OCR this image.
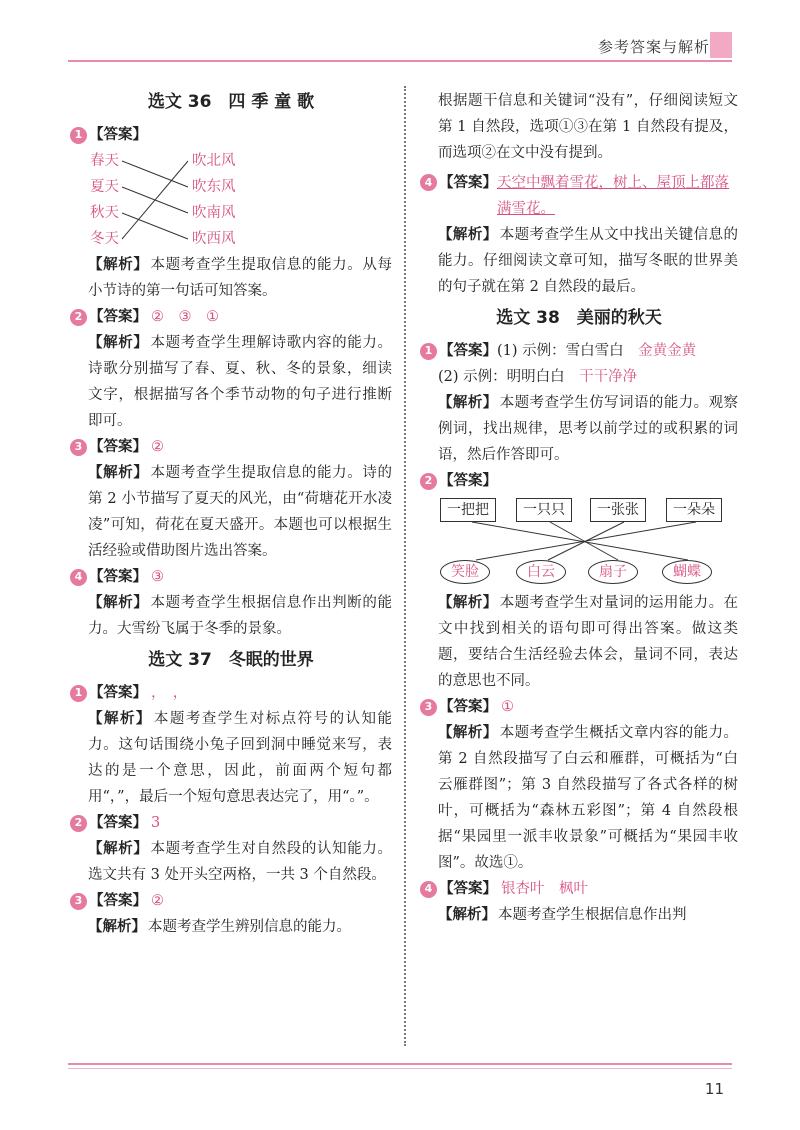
参考答案与解析
选文 36　四 季 童 歌
1 【答案】
春天
夏天
秋天
冬天
吹北风
吹东风
吹南风
吹西风

【解析】 本题考查学生提取信息的能力。从每小节诗的第一句话可知答案。

2 【答案】 ②　③　①

【解析】 本题考查学生理解诗歌内容的能力。诗歌分别描写了春、夏、秋、冬的景象，细读文字，根据描写各个季节动物的句子进行推断即可。

3 【答案】 ②

【解析】 本题考查学生提取信息的能力。诗的第 2 小节描写了夏天的风光，由“荷塘花开水凌凌”可知，荷花在夏天盛开。本题也可以根据生活经验或借助图片选出答案。

4 【答案】 ③

【解析】 本题考查学生根据信息作出判断的能力。大雪纷飞属于冬季的景象。

选文 37　冬眠的世界
1 【答案】 ，　，

【解析】 本题考查学生对标点符号的认知能力。这句话围绕小兔子回到洞中睡觉来写，表达的是一个意思，因此，前面两个短句都用“，”，最后一个短句意思表达完了，用“。”。

2 【答案】 3

【解析】 本题考查学生对自然段的认知能力。选文共有 3 处开头空两格，一共 3 个自然段。

3 【答案】 ②

【解析】 本题考查学生辨别信息的能力。

根据题干信息和关键词“没有”，仔细阅读短文第 1 自然段，选项①③在第 1 自然段有提及，而选项②在文中没有提到。

4 【答案】 天空中飘着雪花，树上、屋顶上都落满雪花。

【解析】 本题考查学生从文中找出关键信息的能力。仔细阅读文章可知，描写冬眠的世界美的句子就在第 2 自然段的最后。

选文 38　美丽的秋天
1 【答案】 (1) 示例：雪白雪白　 金黄金黄
(2) 示例：明明白白　干干净净

【解析】 本题考查学生仿写词语的能力。观察例词，找出规律，思考以前学过的或积累的词语，然后作答即可。

2 【答案】
一把把	一只只	一张张	一朵朵
笑脸	白云	扇子	蝴蝶

【解析】 本题考查学生对量词的运用能力。在文中找到相关的语句即可得出答案。做这类题，要结合生活经验去体会，量词不同，表达的意思也不同。

3 【答案】 ①

【解析】 本题考查学生概括文章内容的能力。第 2 自然段描写了白云和雁群，可概括为“白云雁群图”；第 3 自然段描写了各式各样的树叶，可概括为“森林五彩图”；第 4 自然段根据“果园里一派丰收景象”可概括为“果园丰收图”。故选①。

4 【答案】 银杏叶　枫叶

【解析】 本题考查学生根据信息作出判

11
